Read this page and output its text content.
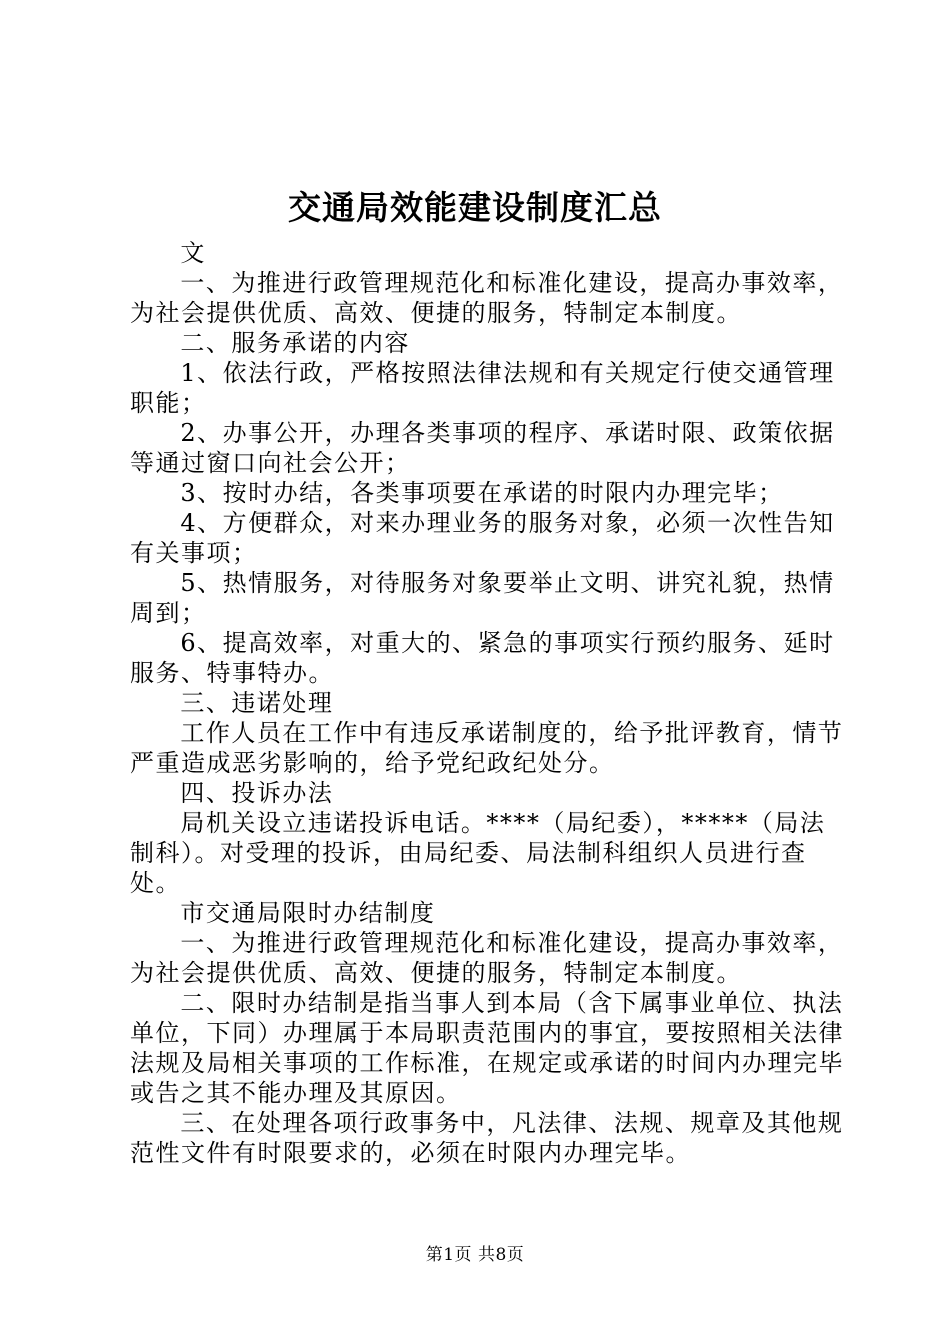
交通局效能建设制度汇总

文

一、为推进行政管理规范化和标准化建设，提高办事效率，为社会提供优质、高效、便捷的服务，特制定本制度。

二、服务承诺的内容

1、依法行政，严格按照法律法规和有关规定行使交通管理职能；

2、办事公开，办理各类事项的程序、承诺时限、政策依据等通过窗口向社会公开；

3、按时办结，各类事项要在承诺的时限内办理完毕；

4、方便群众，对来办理业务的服务对象，必须一次性告知有关事项；

5、热情服务，对待服务对象要举止文明、讲究礼貌，热情周到；

6、提高效率，对重大的、紧急的事项实行预约服务、延时服务、特事特办。

三、违诺处理

工作人员在工作中有违反承诺制度的，给予批评教育，情节严重造成恶劣影响的，给予党纪政纪处分。

四、投诉办法

局机关设立违诺投诉电话。****（局纪委），*****（局法制科）。对受理的投诉，由局纪委、局法制科组织人员进行查处。

市交通局限时办结制度

一、为推进行政管理规范化和标准化建设，提高办事效率，为社会提供优质、高效、便捷的服务，特制定本制度。

二、限时办结制是指当事人到本局（含下属事业单位、执法单位，下同）办理属于本局职责范围内的事宜，要按照相关法律法规及局相关事项的工作标准，在规定或承诺的时间内办理完毕或告之其不能办理及其原因。

三、在处理各项行政事务中，凡法律、法规、规章及其他规范性文件有时限要求的，必须在时限内办理完毕。

第1页 共8页
